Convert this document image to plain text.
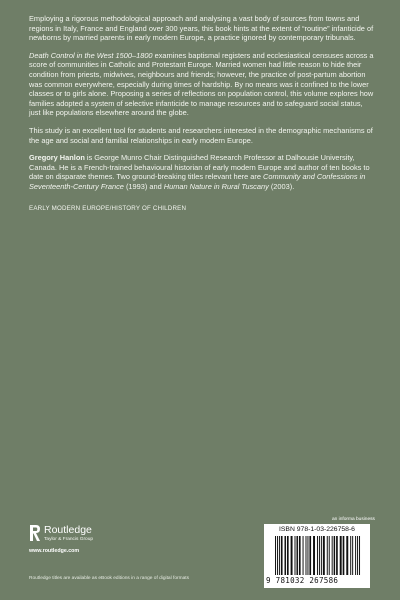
Employing a rigorous methodological approach and analysing a vast body of sources from towns and regions in Italy, France and England over 300 years, this book hints at the extent of “routine” infanticide of newborns by married parents in early modern Europe, a practice ignored by contemporary tribunals.

Death Control in the West 1500–1800 examines baptismal registers and ecclesiastical censuses across a score of communities in Catholic and Protestant Europe. Married women had little reason to hide their condition from priests, midwives, neighbours and friends; however, the practice of post-partum abortion was common everywhere, especially during times of hardship. By no means was it confined to the lower classes or to girls alone. Proposing a series of reflections on population control, this volume explores how families adopted a system of selective infanticide to manage resources and to safeguard social status, just like populations elsewhere around the globe.

This study is an excellent tool for students and researchers interested in the demographic mechanisms of the age and social and familial relationships in early modern Europe.

Gregory Hanlon is George Munro Chair Distinguished Research Professor at Dalhousie University, Canada. He is a French-trained behavioural historian of early modern Europe and author of ten books to date on disparate themes. Two ground-breaking titles relevant here are Community and Confessions in Seventeenth-Century France (1993) and Human Nature in Rural Tuscany (2003).

EARLY MODERN EUROPE/HISTORY OF CHILDREN
Routledge
Taylor & Francis Group
www.routledge.com
Routledge titles are available as eBook editions in a range of digital formats
an informa business
ISBN 978-1-03-226758-6
9 781032 267586
